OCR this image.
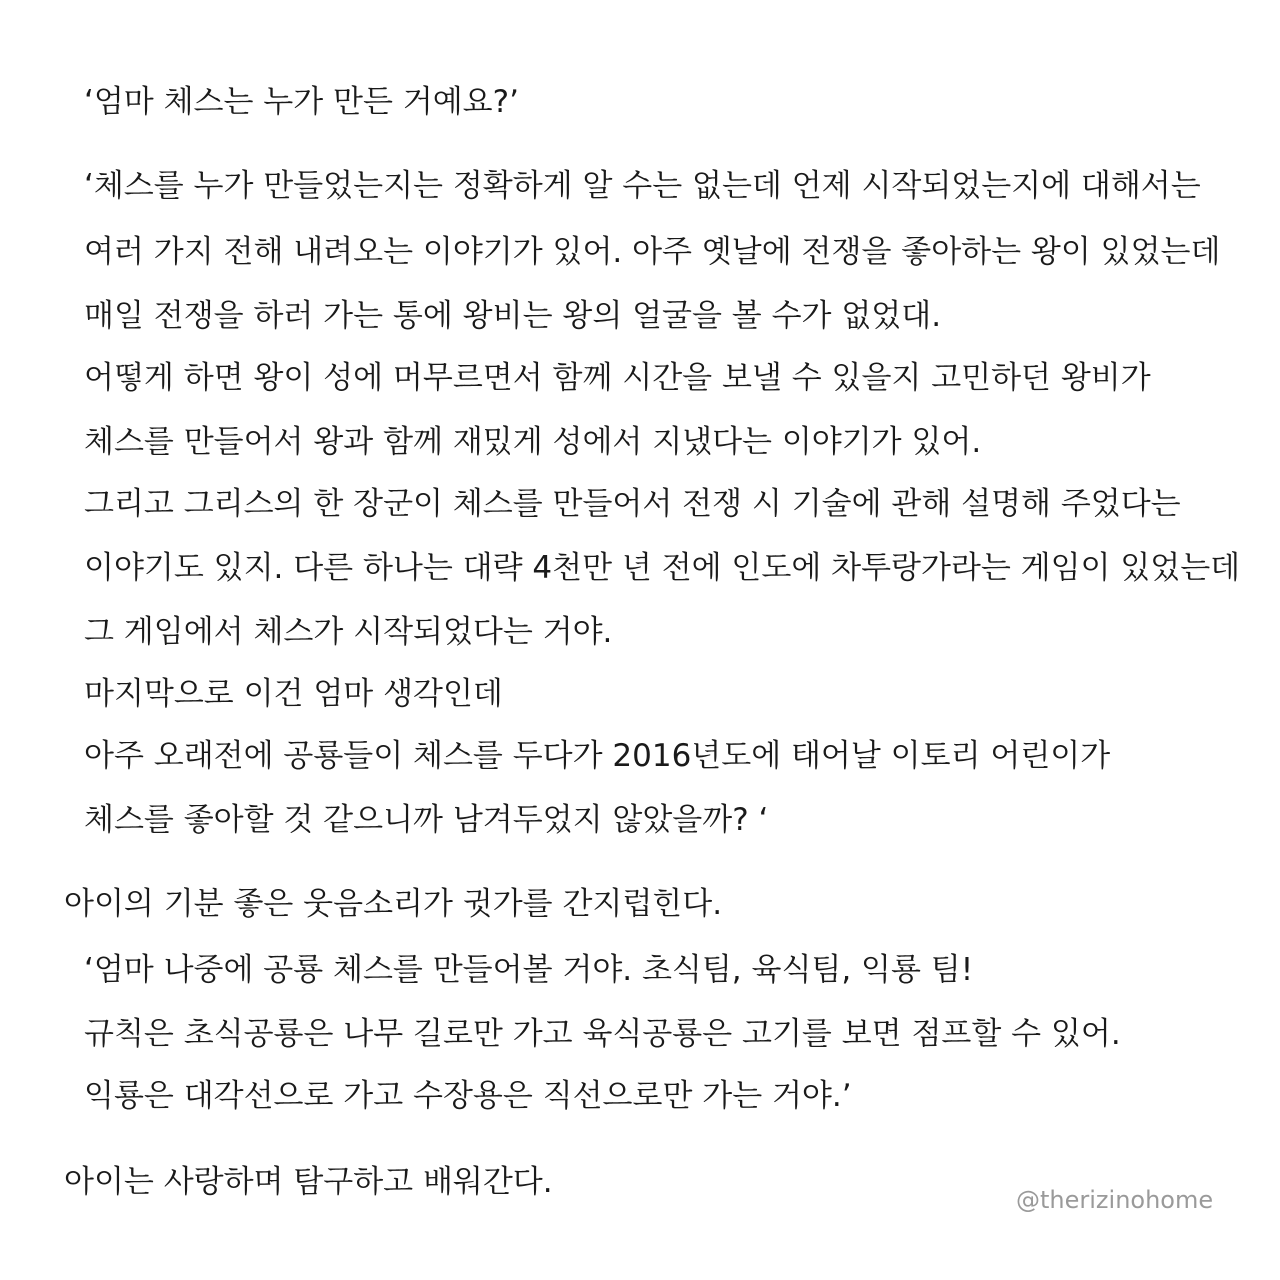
‘엄마 체스는 누가 만든 거예요?’
‘체스를 누가 만들었는지는 정확하게 알 수는 없는데 언제 시작되었는지에 대해서는
여러 가지 전해 내려오는 이야기가 있어. 아주 옛날에 전쟁을 좋아하는 왕이 있었는데
매일 전쟁을 하러 가는 통에 왕비는 왕의 얼굴을 볼 수가 없었대.
어떻게 하면 왕이 성에 머무르면서 함께 시간을 보낼 수 있을지 고민하던 왕비가
체스를 만들어서 왕과 함께 재밌게 성에서 지냈다는 이야기가 있어.
그리고 그리스의 한 장군이 체스를 만들어서 전쟁 시 기술에 관해 설명해 주었다는
이야기도 있지. 다른 하나는 대략 4천만 년 전에 인도에 차투랑가라는 게임이 있었는데
그 게임에서 체스가 시작되었다는 거야.
마지막으로 이건 엄마 생각인데
아주 오래전에 공룡들이 체스를 두다가 2016년도에 태어날 이토리 어린이가
체스를 좋아할 것 같으니까 남겨두었지 않았을까? ‘
아이의 기분 좋은 웃음소리가 귓가를 간지럽힌다.
‘엄마 나중에 공룡 체스를 만들어볼 거야. 초식팀, 육식팀, 익룡 팀!
규칙은 초식공룡은 나무 길로만 가고 육식공룡은 고기를 보면 점프할 수 있어.
익룡은 대각선으로 가고 수장용은 직선으로만 가는 거야.’
아이는 사랑하며 탐구하고 배워간다.	@therizinohome
